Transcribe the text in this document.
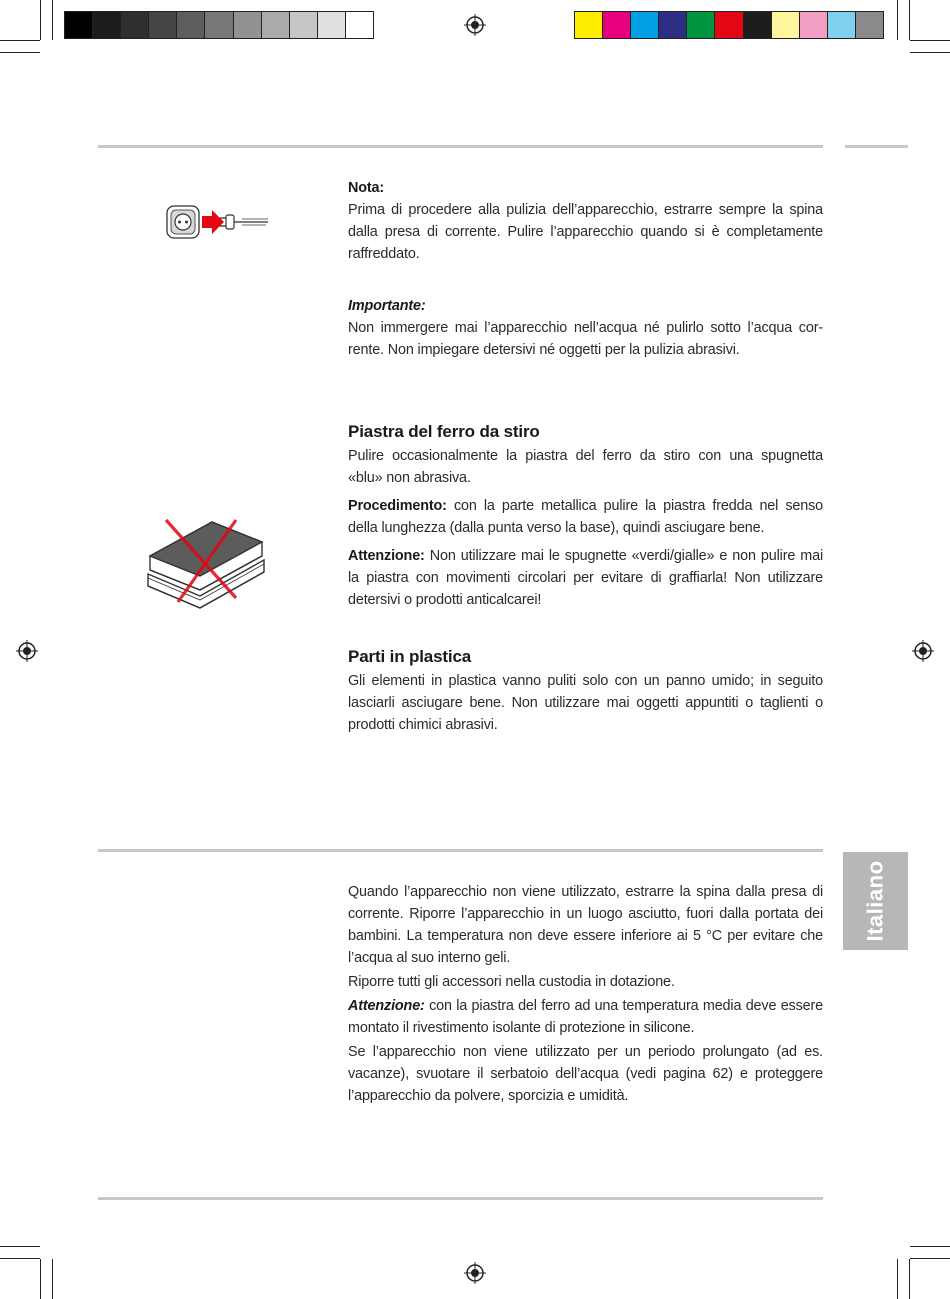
Nota:

Prima di procedere alla pulizia dell’apparecchio, estrarre sempre la spina

dalla presa di corrente. Pulire l’apparecchio quando si è completamente

raffreddato.

Importante:

Non immergere mai l’apparecchio nell’acqua né pulirlo sotto l’acqua cor-

rente. Non impiegare detersivi né oggetti per la pulizia abrasivi.

Piastra del ferro da stiro

Pulire occasionalmente la piastra del ferro da stiro con una spugnetta

«blu» non abrasiva.

Procedimento: con la parte metallica pulire la piastra fredda nel senso della lunghezza (dalla punta verso la base), quindi asciugare bene.

Attenzione: Non utilizzare mai le spugnette «verdi/gialle» e non pulire mai la piastra con movimenti circolari per evitare di graffiarla! Non utilizzare detersivi o prodotti anticalcarei!

Parti in plastica

Gli elementi in plastica vanno puliti solo con un panno umido; in seguito lasciarli asciugare bene. Non utilizzare mai oggetti appuntiti o taglienti o prodotti chimici abrasivi.

Quando l’apparecchio non viene utilizzato, estrarre la spina dalla presa di corrente. Riporre l’apparecchio in un luogo asciutto, fuori dalla portata dei bambini. La temperatura non deve essere inferiore ai 5 °C per evitare che l’acqua al suo interno geli.

Riporre tutti gli accessori nella custodia in dotazione.

Attenzione: con la piastra del ferro ad una temperatura media deve essere montato il rivestimento isolante di protezione in silicone.

Se l’apparecchio non viene utilizzato per un periodo prolungato (ad es. vacanze), svuotare il serbatoio dell’acqua (vedi pagina 62) e proteggere l’apparecchio da polvere, sporcizia e umidità.

Italiano
